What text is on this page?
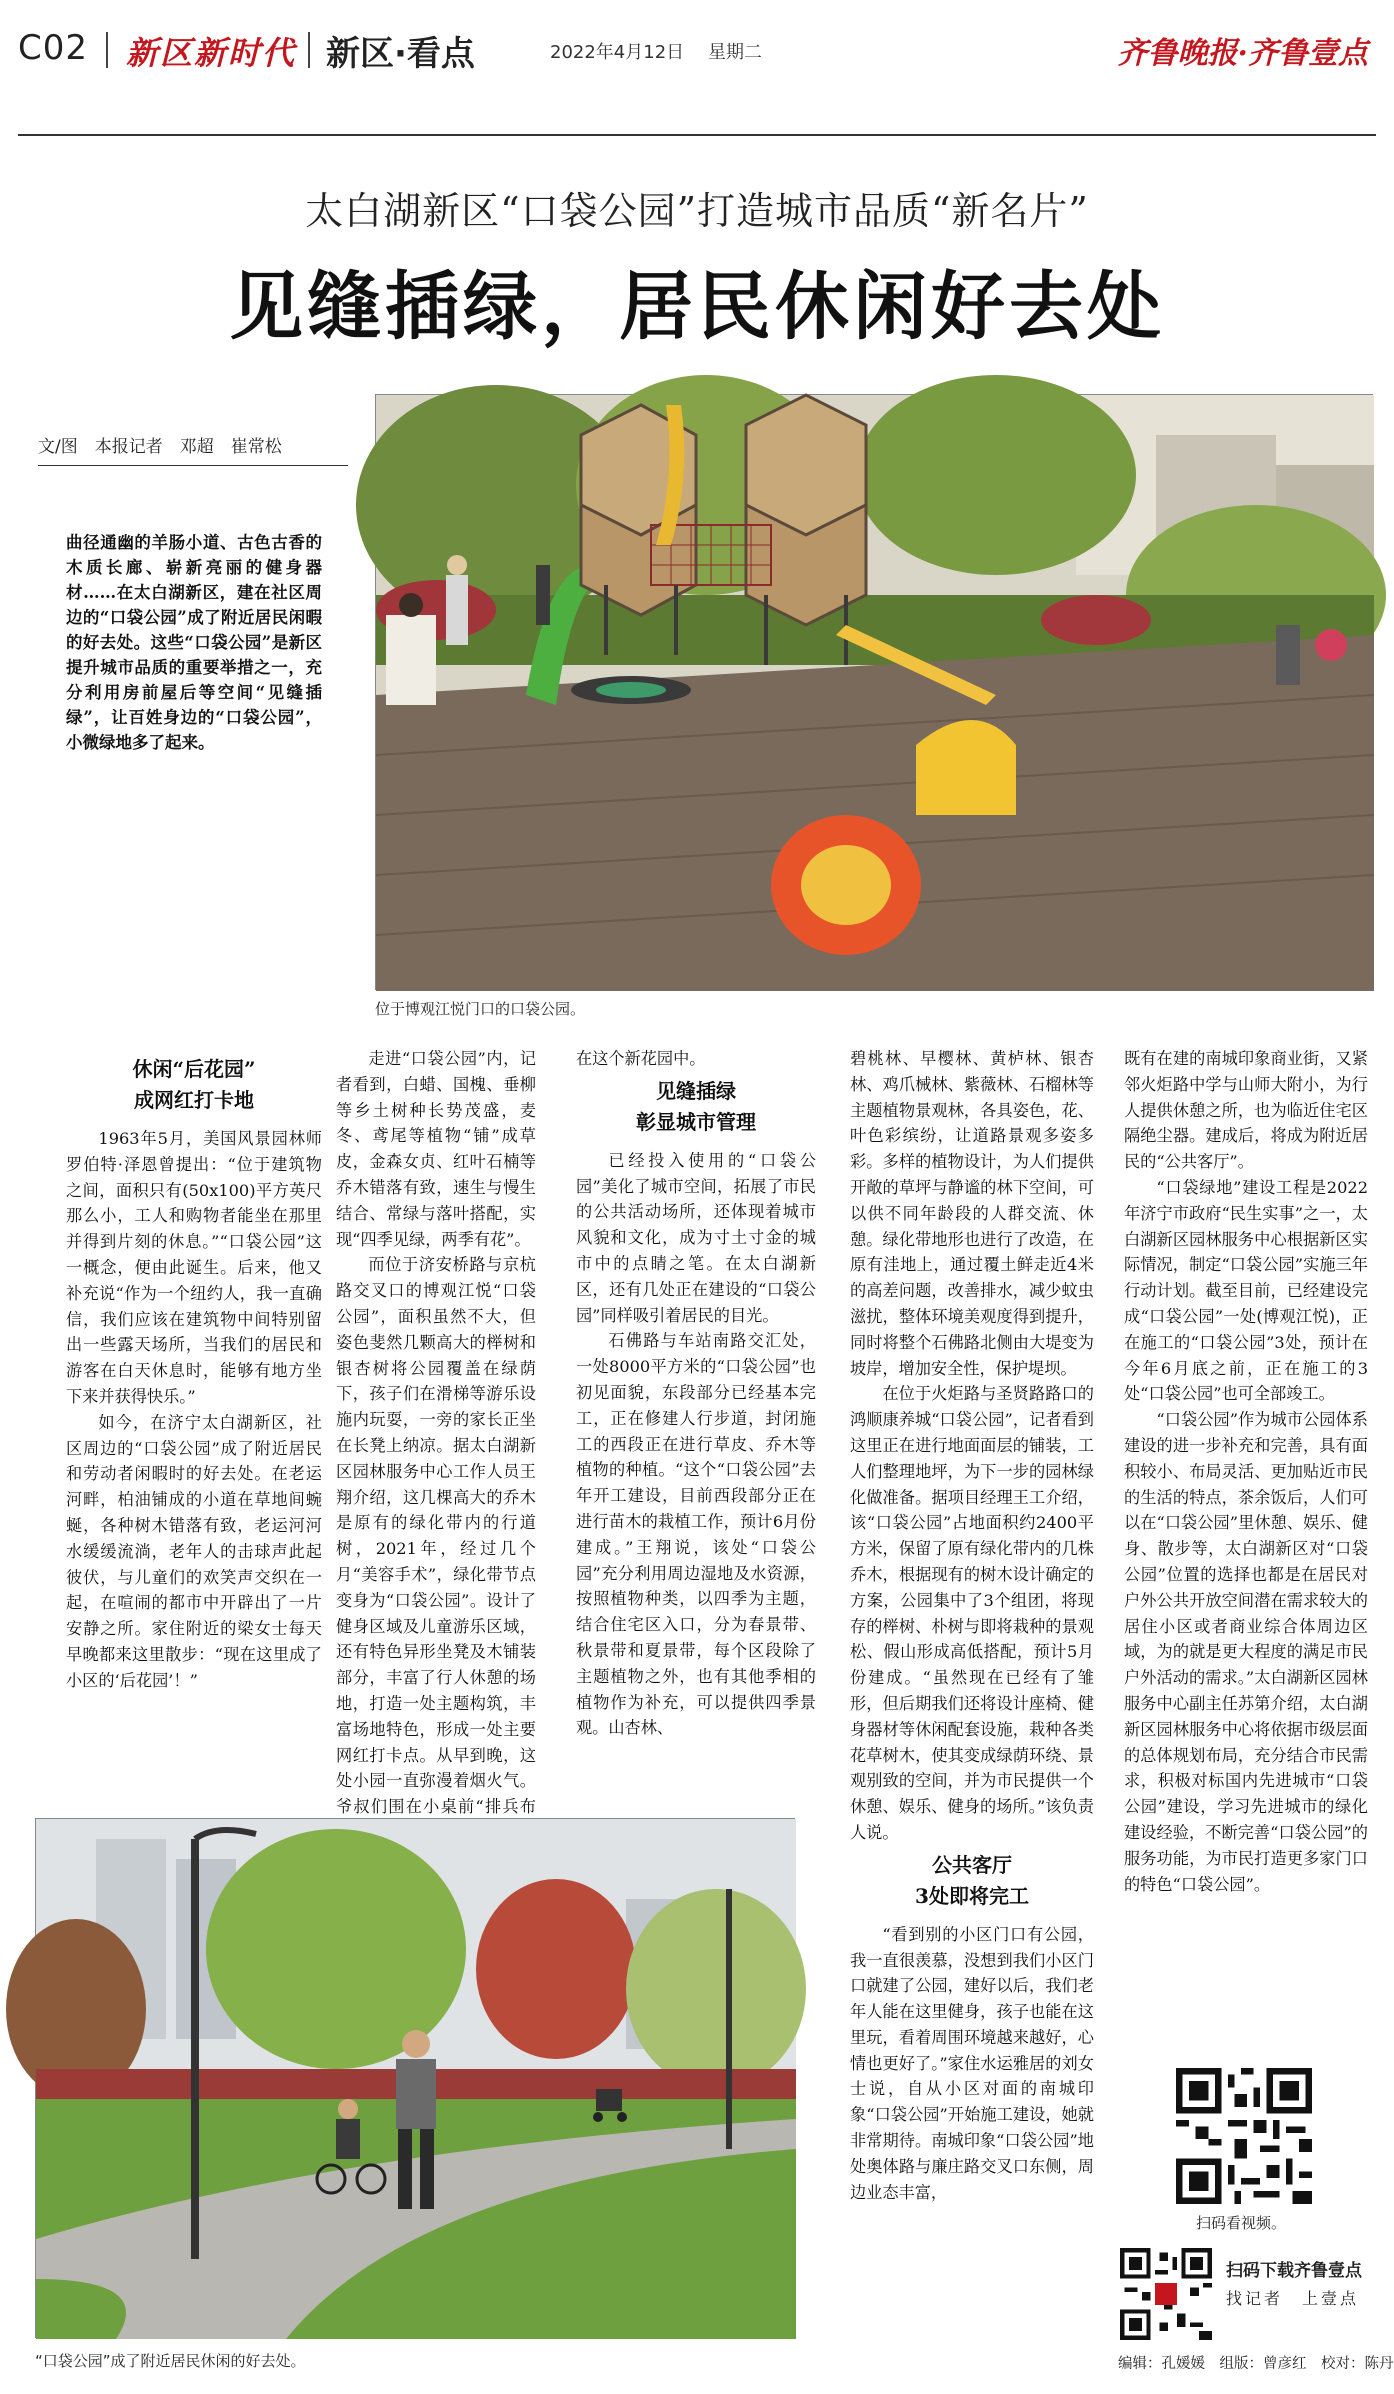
C02 新区新时代 新区·看点	2022年4月12日 星期二	齐鲁晚报·齐鲁壹点
太白湖新区“口袋公园”打造城市品质“新名片”
见缝插绿，居民休闲好去处
文/图　本报记者　邓超　崔常松
曲径通幽的羊肠小道、古色古香的木质长廊、崭新亮丽的健身器材……在太白湖新区，建在社区周边的“口袋公园”成了附近居民闲暇的好去处。这些“口袋公园”是新区提升城市品质的重要举措之一，充分利用房前屋后等空间“见缝插绿”，让百姓身边的“口袋公园”，小微绿地多了起来。
位于博观江悦门口的口袋公园。
休闲“后花园”
成网红打卡地

1963年5月，美国风景园林师罗伯特·泽恩曾提出：“位于建筑物之间，面积只有(50x100)平方英尺那么小，工人和购物者能坐在那里并得到片刻的休息。”“口袋公园”这一概念，便由此诞生。后来，他又补充说“作为一个纽约人，我一直确信，我们应该在建筑物中间特别留出一些露天场所，当我们的居民和游客在白天休息时，能够有地方坐下来并获得快乐。”

如今，在济宁太白湖新区，社区周边的“口袋公园”成了附近居民和劳动者闲暇时的好去处。在老运河畔，柏油铺成的小道在草地间蜿蜒，各种树木错落有致，老运河河水缓缓流淌，老年人的击球声此起彼伏，与儿童们的欢笑声交织在一起，在喧闹的都市中开辟出了一片安静之所。家住附近的梁女士每天早晚都来这里散步：“现在这里成了小区的‘后花园’！”

走进“口袋公园”内，记者看到，白蜡、国槐、垂柳等乡土树种长势茂盛，麦冬、鸢尾等植物“铺”成草皮，金森女贞、红叶石楠等乔木错落有致，速生与慢生结合、常绿与落叶搭配，实现“四季见绿，两季有花”。

而位于济安桥路与京杭路交叉口的博观江悦“口袋公园”，面积虽然不大，但姿色斐然几颗高大的榉树和银杏树将公园覆盖在绿荫下，孩子们在滑梯等游乐设施内玩耍，一旁的家长正坐在长凳上纳凉。据太白湖新区园林服务中心工作人员王翔介绍，这几棵高大的乔木是原有的绿化带内的行道树，2021年，经过几个月“美容手术”，绿化带节点变身为“口袋公园”。设计了健身区域及儿童游乐区域，还有特色异形坐凳及木铺装部分，丰富了行人休憩的场地，打造一处主题构筑，丰富场地特色，形成一处主要网红打卡点。从早到晚，这处小园一直弥漫着烟火气。爷叔们围在小桌前“排兵布

在这个新花园中。

见缝插绿
彰显城市管理

已经投入使用的“口袋公园”美化了城市空间，拓展了市民的公共活动场所，还体现着城市风貌和文化，成为寸土寸金的城市中的点睛之笔。在太白湖新区，还有几处正在建设的“口袋公园”同样吸引着居民的目光。

石佛路与车站南路交汇处，一处8000平方米的“口袋公园”也初见面貌，东段部分已经基本完工，正在修建人行步道，封闭施工的西段正在进行草皮、乔木等植物的种植。“这个“口袋公园”去年开工建设，目前西段部分正在进行苗木的栽植工作，预计6月份建成。”王翔说，该处“口袋公园”充分利用周边湿地及水资源，按照植物种类，以四季为主题，结合住宅区入口，分为春景带、秋景带和夏景带，每个区段除了主题植物之外，也有其他季相的植物作为补充，可以提供四季景观。山杏林、

碧桃林、早樱林、黄栌林、银杏林、鸡爪械林、紫薇林、石榴林等主题植物景观林，各具姿色，花、叶色彩缤纷，让道路景观多姿多彩。多样的植物设计，为人们提供开敞的草坪与静谧的林下空间，可以供不同年龄段的人群交流、休憩。绿化带地形也进行了改造，在原有洼地上，通过覆土鲜走近4米的高差问题，改善排水，减少蚊虫滋扰，整体环境美观度得到提升，同时将整个石佛路北侧由大堤变为坡岸，增加安全性，保护堤坝。

在位于火炬路与圣贤路路口的鸿顺康养城“口袋公园”，记者看到这里正在进行地面面层的铺装，工人们整理地坪，为下一步的园林绿化做准备。据项目经理王工介绍，该“口袋公园”占地面积约2400平方米，保留了原有绿化带内的几株乔木，根据现有的树木设计确定的方案，公园集中了3个组团，将现存的榉树、朴树与即将栽种的景观松、假山形成高低搭配，预计5月份建成。“虽然现在已经有了雏形，但后期我们还将设计座椅、健身器材等休闲配套设施，栽种各类花草树木，使其变成绿荫环绕、景观别致的空间，并为市民提供一个休憩、娱乐、健身的场所。”该负责人说。

公共客厅
3处即将完工

“看到别的小区门口有公园，我一直很羡慕，没想到我们小区门口就建了公园，建好以后，我们老年人能在这里健身，孩子也能在这里玩，看着周围环境越来越好，心情也更好了。”家住水运雅居的刘女士说，自从小区对面的南城印象“口袋公园”开始施工建设，她就非常期待。南城印象“口袋公园”地处奥体路与廉庄路交叉口东侧，周边业态丰富，

既有在建的南城印象商业街，又紧邻火炬路中学与山师大附小，为行人提供休憩之所，也为临近住宅区隔绝尘器。建成后，将成为附近居民的“公共客厅”。

“口袋绿地”建设工程是2022年济宁市政府“民生实事”之一，太白湖新区园林服务中心根据新区实际情况，制定“口袋公园”实施三年行动计划。截至目前，已经建设完成“口袋公园”一处(博观江悦)，正在施工的“口袋公园”3处，预计在今年6月底之前，正在施工的3处“口袋公园”也可全部竣工。

“口袋公园”作为城市公园体系建设的进一步补充和完善，具有面积较小、布局灵活、更加贴近市民的生活的特点，茶余饭后，人们可以在“口袋公园”里休憩、娱乐、健身、散步等，太白湖新区对“口袋公园”位置的选择也都是在居民对户外公共开放空间潜在需求较大的居住小区或者商业综合体周边区域，为的就是更大程度的满足市民户外活动的需求。”太白湖新区园林服务中心副主任苏第介绍，太白湖新区园林服务中心将依据市级层面的总体规划布局，充分结合市民需求，积极对标国内先进城市“口袋公园”建设，学习先进城市的绿化建设经验，不断完善“口袋公园”的服务功能，为市民打造更多家门口的特色“口袋公园”。

“口袋公园”成了附近居民休闲的好去处。
扫码看视频。
扫码下载齐鲁壹点
找记者　上壹点
编辑：孔媛媛　组版：曾彦红　校对：陈丹
